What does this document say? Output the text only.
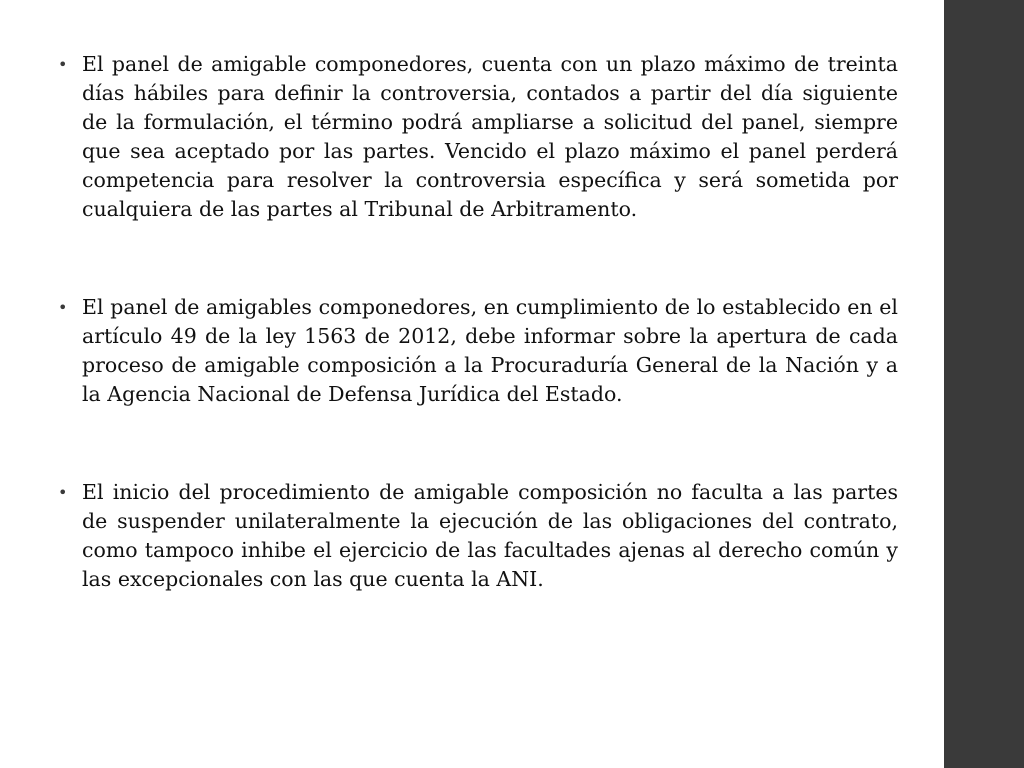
• El panel de amigable componedores, cuenta con un plazo máximo de treinta días hábiles para definir la controversia, contados a partir del día siguiente de la formulación, el término podrá ampliarse a solicitud del panel, siempre que sea aceptado por las partes. Vencido el plazo máximo el panel perderá competencia para resolver la controversia específica y será sometida por cualquiera de las partes al Tribunal de Arbitramento.
• El panel de amigables componedores, en cumplimiento de lo establecido en el artículo 49 de la ley 1563 de 2012, debe informar sobre la apertura de cada proceso de amigable composición a la Procuraduría General de la Nación y a la Agencia Nacional de Defensa Jurídica del Estado.
• El inicio del procedimiento de amigable composición no faculta a las partes de suspender unilateralmente la ejecución de las obligaciones del contrato, como tampoco inhibe el ejercicio de las facultades ajenas al derecho común y las excepcionales con las que cuenta la ANI.
